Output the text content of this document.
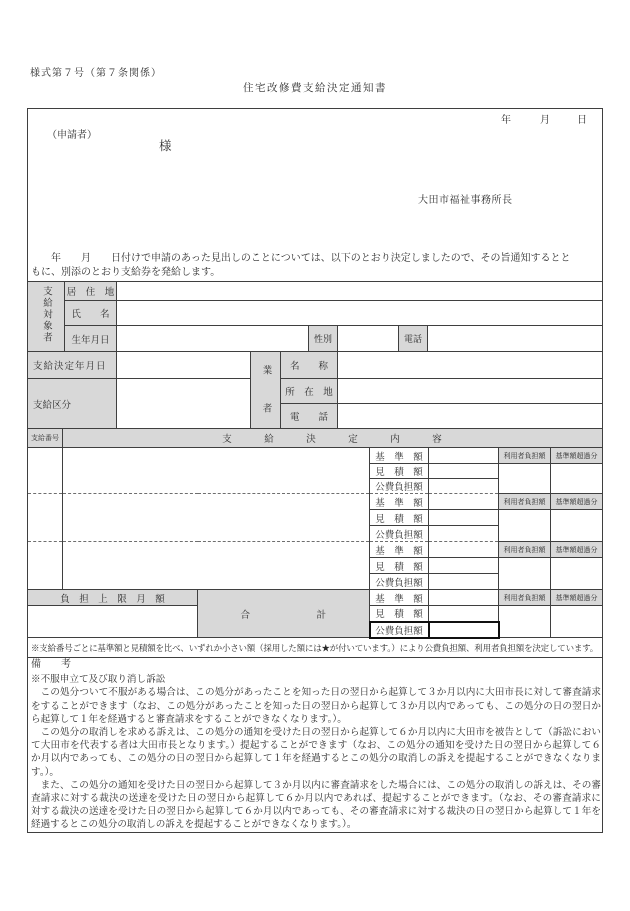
様式第７号（第７条関係）
住宅改修費支給決定通知書
年	月	日
（申請者）
様
大田市福祉事務所長
　　年　　月　　日付けで申請のあった見出しのことについては、以下のとおり決定しましたので、その旨通知するとと
もに、別添のとおり支給券を発給します。
支給対象者	居　住　地							
	氏　　名							
	生年月日				性別		電話	
支給決定年月日			業　　　者	名　　称				
支給区分				所　在　地				
				電　　話				
支給番号	支　　　給　　　決　　　定　　　内　　　容					
			基　準　額		利用者負担額	基準額超過分
			見　積　額			
			公費負担額			
			基　準　額		利用者負担額	基準額超過分
			見　積　額			
			公費負担額			
			基　準　額		利用者負担額	基準額超過分
			見　積　額			
			公費負担額			
負　担　上　限　月　額		合　　　　　　　計	基　準　額		利用者負担額	基準額超過分
			見　積　額			
			公費負担額			
※支給番号ごとに基準額と見積額を比べ、いずれか小さい額（採用した額には★が付いています。）により公費負担額、利用者負担額を決定しています。						
備　　考
※不服申立て及び取り消し訴訟

　この処分ついて不服がある場合は、この処分があったことを知った日の翌日から起算して３か月以内に大田市長に対して審査請求をすることができます（なお、この処分があったことを知った日の翌日から起算して３か月以内であっても、この処分の日の翌日から起算して１年を経過すると審査請求をすることができなくなります。）。

　この処分の取消しを求める訴えは、この処分の通知を受けた日の翌日から起算して６か月以内に大田市を被告として（訴訟において大田市を代表する者は大田市長となります。）提起することができます（なお、この処分の通知を受けた日の翌日から起算して６か月以内であっても、この処分の日の翌日から起算して１年を経過するとこの処分の取消しの訴えを提起することができなくなります。）。

　また、この処分の通知を受けた日の翌日から起算して３か月以内に審査請求をした場合には、この処分の取消しの訴えは、その審査請求に対する裁決の送達を受けた日の翌日から起算して６か月以内であれば、提起することができます。（なお、その審査請求に対する裁決の送達を受けた日の翌日から起算して６か月以内であっても、その審査請求に対する裁決の日の翌日から起算して１年を経過するとこの処分の取消しの訴えを提起することができなくなります。）。
